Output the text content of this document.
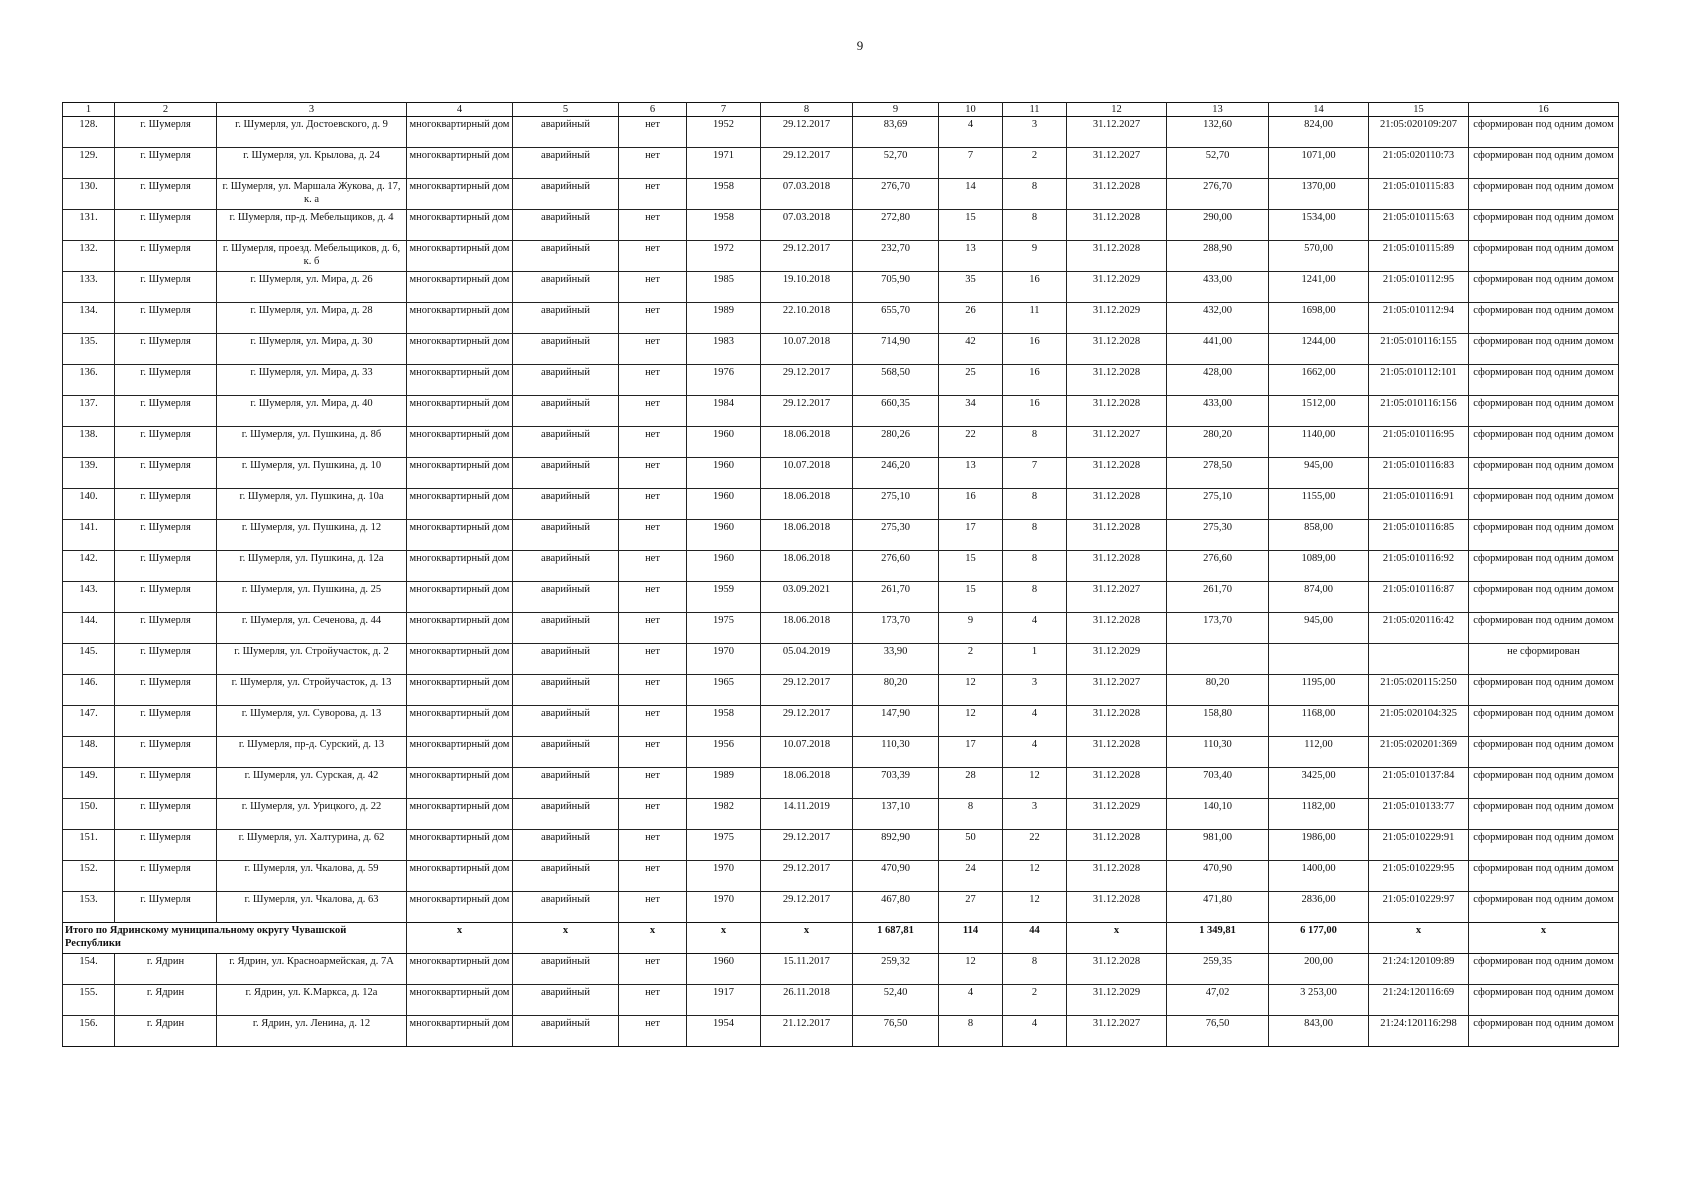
9
1	2	3	4	5	6	7	8	9	10	11	12	13	14	15	16
128.	г. Шумерля	г. Шумерля, ул. Достоевского, д. 9	многоквартирный дом	аварийный	нет	1952	29.12.2017	83,69	4	3	31.12.2027	132,60	824,00	21:05:020109:207	сформирован под одним домом
129.	г. Шумерля	г. Шумерля, ул. Крылова, д. 24	многоквартирный дом	аварийный	нет	1971	29.12.2017	52,70	7	2	31.12.2027	52,70	1071,00	21:05:020110:73	сформирован под одним домом
130.	г. Шумерля	г. Шумерля, ул. Маршала Жукова, д. 17, к. а	многоквартирный дом	аварийный	нет	1958	07.03.2018	276,70	14	8	31.12.2028	276,70	1370,00	21:05:010115:83	сформирован под одним домом
131.	г. Шумерля	г. Шумерля, пр-д. Мебельщиков, д. 4	многоквартирный дом	аварийный	нет	1958	07.03.2018	272,80	15	8	31.12.2028	290,00	1534,00	21:05:010115:63	сформирован под одним домом
132.	г. Шумерля	г. Шумерля, проезд. Мебельщиков, д. 6, к. б	многоквартирный дом	аварийный	нет	1972	29.12.2017	232,70	13	9	31.12.2028	288,90	570,00	21:05:010115:89	сформирован под одним домом
133.	г. Шумерля	г. Шумерля, ул. Мира, д. 26	многоквартирный дом	аварийный	нет	1985	19.10.2018	705,90	35	16	31.12.2029	433,00	1241,00	21:05:010112:95	сформирован под одним домом
134.	г. Шумерля	г. Шумерля, ул. Мира, д. 28	многоквартирный дом	аварийный	нет	1989	22.10.2018	655,70	26	11	31.12.2029	432,00	1698,00	21:05:010112:94	сформирован под одним домом
135.	г. Шумерля	г. Шумерля, ул. Мира, д. 30	многоквартирный дом	аварийный	нет	1983	10.07.2018	714,90	42	16	31.12.2028	441,00	1244,00	21:05:010116:155	сформирован под одним домом
136.	г. Шумерля	г. Шумерля, ул. Мира, д. 33	многоквартирный дом	аварийный	нет	1976	29.12.2017	568,50	25	16	31.12.2028	428,00	1662,00	21:05:010112:101	сформирован под одним домом
137.	г. Шумерля	г. Шумерля, ул. Мира, д. 40	многоквартирный дом	аварийный	нет	1984	29.12.2017	660,35	34	16	31.12.2028	433,00	1512,00	21:05:010116:156	сформирован под одним домом
138.	г. Шумерля	г. Шумерля, ул. Пушкина, д. 8б	многоквартирный дом	аварийный	нет	1960	18.06.2018	280,26	22	8	31.12.2027	280,20	1140,00	21:05:010116:95	сформирован под одним домом
139.	г. Шумерля	г. Шумерля, ул. Пушкина, д. 10	многоквартирный дом	аварийный	нет	1960	10.07.2018	246,20	13	7	31.12.2028	278,50	945,00	21:05:010116:83	сформирован под одним домом
140.	г. Шумерля	г. Шумерля, ул. Пушкина, д. 10а	многоквартирный дом	аварийный	нет	1960	18.06.2018	275,10	16	8	31.12.2028	275,10	1155,00	21:05:010116:91	сформирован под одним домом
141.	г. Шумерля	г. Шумерля, ул. Пушкина, д. 12	многоквартирный дом	аварийный	нет	1960	18.06.2018	275,30	17	8	31.12.2028	275,30	858,00	21:05:010116:85	сформирован под одним домом
142.	г. Шумерля	г. Шумерля, ул. Пушкина, д. 12а	многоквартирный дом	аварийный	нет	1960	18.06.2018	276,60	15	8	31.12.2028	276,60	1089,00	21:05:010116:92	сформирован под одним домом
143.	г. Шумерля	г. Шумерля, ул. Пушкина, д. 25	многоквартирный дом	аварийный	нет	1959	03.09.2021	261,70	15	8	31.12.2027	261,70	874,00	21:05:010116:87	сформирован под одним домом
144.	г. Шумерля	г. Шумерля, ул. Сеченова, д. 44	многоквартирный дом	аварийный	нет	1975	18.06.2018	173,70	9	4	31.12.2028	173,70	945,00	21:05:020116:42	сформирован под одним домом
145.	г. Шумерля	г. Шумерля, ул. Стройучасток, д. 2	многоквартирный дом	аварийный	нет	1970	05.04.2019	33,90	2	1	31.12.2029				не сформирован
146.	г. Шумерля	г. Шумерля, ул. Стройучасток, д. 13	многоквартирный дом	аварийный	нет	1965	29.12.2017	80,20	12	3	31.12.2027	80,20	1195,00	21:05:020115:250	сформирован под одним домом
147.	г. Шумерля	г. Шумерля, ул. Суворова, д. 13	многоквартирный дом	аварийный	нет	1958	29.12.2017	147,90	12	4	31.12.2028	158,80	1168,00	21:05:020104:325	сформирован под одним домом
148.	г. Шумерля	г. Шумерля, пр-д. Сурский, д. 13	многоквартирный дом	аварийный	нет	1956	10.07.2018	110,30	17	4	31.12.2028	110,30	112,00	21:05:020201:369	сформирован под одним домом
149.	г. Шумерля	г. Шумерля, ул. Сурская, д. 42	многоквартирный дом	аварийный	нет	1989	18.06.2018	703,39	28	12	31.12.2028	703,40	3425,00	21:05:010137:84	сформирован под одним домом
150.	г. Шумерля	г. Шумерля, ул. Урицкого, д. 22	многоквартирный дом	аварийный	нет	1982	14.11.2019	137,10	8	3	31.12.2029	140,10	1182,00	21:05:010133:77	сформирован под одним домом
151.	г. Шумерля	г. Шумерля, ул. Халтурина, д. 62	многоквартирный дом	аварийный	нет	1975	29.12.2017	892,90	50	22	31.12.2028	981,00	1986,00	21:05:010229:91	сформирован под одним домом
152.	г. Шумерля	г. Шумерля, ул. Чкалова, д. 59	многоквартирный дом	аварийный	нет	1970	29.12.2017	470,90	24	12	31.12.2028	470,90	1400,00	21:05:010229:95	сформирован под одним домом
153.	г. Шумерля	г. Шумерля, ул. Чкалова, д. 63	многоквартирный дом	аварийный	нет	1970	29.12.2017	467,80	27	12	31.12.2028	471,80	2836,00	21:05:010229:97	сформирован под одним домом
Итого по Ядринскому муниципальному округу Чувашской Республики			x	x	x	x	x	1 687,81	114	44	x	1 349,81	6 177,00	x	x
154.	г. Ядрин	г. Ядрин, ул. Красноармейская, д. 7А	многоквартирный дом	аварийный	нет	1960	15.11.2017	259,32	12	8	31.12.2028	259,35	200,00	21:24:120109:89	сформирован под одним домом
155.	г. Ядрин	г. Ядрин, ул. К.Маркса, д. 12а	многоквартирный дом	аварийный	нет	1917	26.11.2018	52,40	4	2	31.12.2029	47,02	3 253,00	21:24:120116:69	сформирован под одним домом
156.	г. Ядрин	г. Ядрин, ул. Ленина, д. 12	многоквартирный дом	аварийный	нет	1954	21.12.2017	76,50	8	4	31.12.2027	76,50	843,00	21:24:120116:298	сформирован под одним домом
